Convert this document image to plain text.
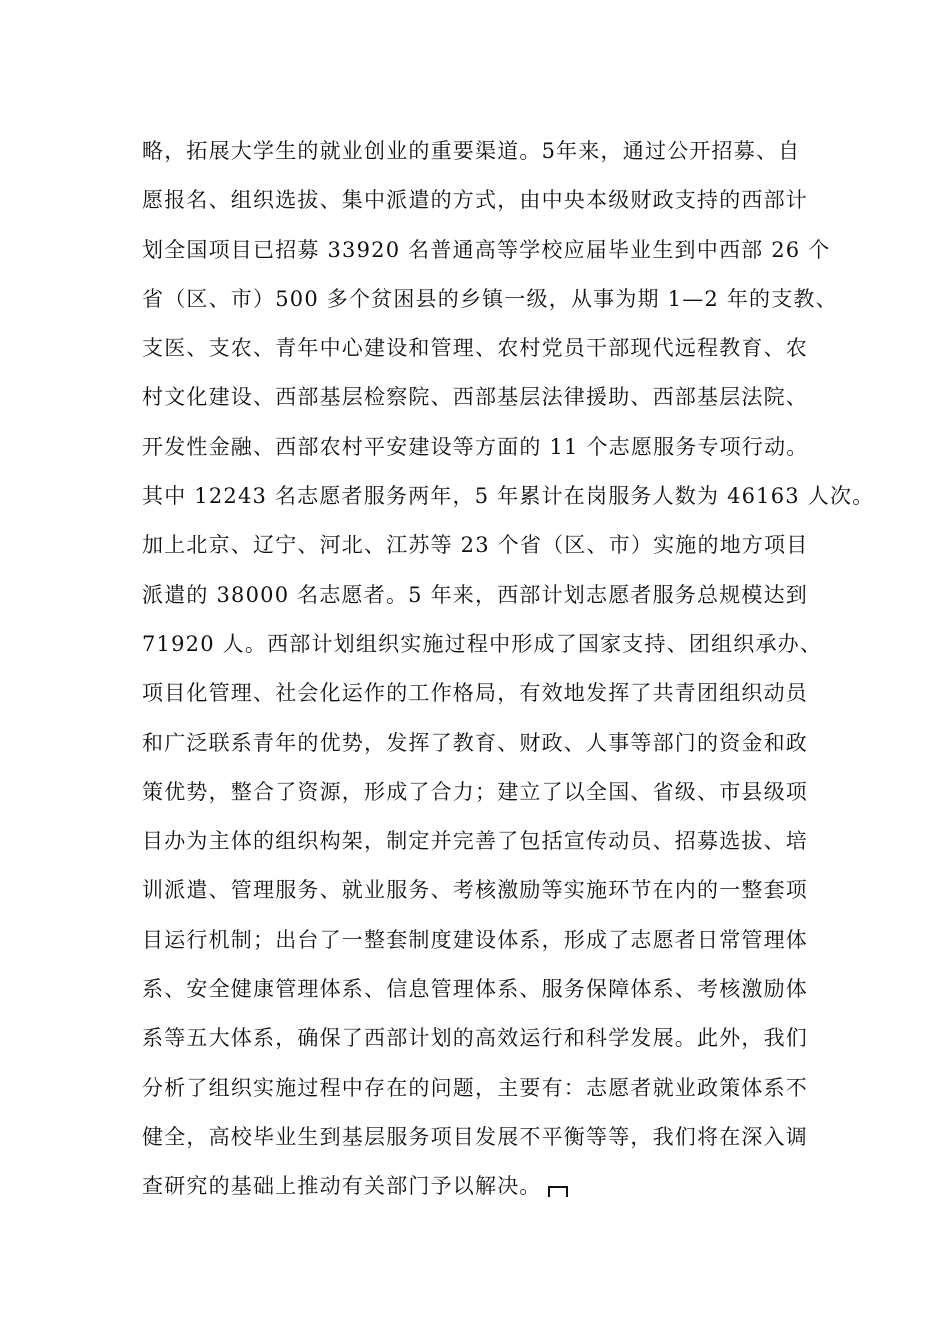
略，拓展大学生的就业创业的重要渠道。5年来，通过公开招募、自
愿报名、组织选拔、集中派遣的方式，由中央本级财政支持的西部计
划全国项目已招募 33920 名普通高等学校应届毕业生到中西部 26 个
省（区、市）500 多个贫困县的乡镇一级，从事为期 1—2 年的支教、
支医、支农、青年中心建设和管理、农村党员干部现代远程教育、农
村文化建设、西部基层检察院、西部基层法律援助、西部基层法院、
开发性金融、西部农村平安建设等方面的 11 个志愿服务专项行动。
其中 12243 名志愿者服务两年，5 年累计在岗服务人数为 46163 人次。
加上北京、辽宁、河北、江苏等 23 个省（区、市）实施的地方项目
派遣的 38000 名志愿者。5 年来，西部计划志愿者服务总规模达到
71920 人。西部计划组织实施过程中形成了国家支持、团组织承办、
项目化管理、社会化运作的工作格局，有效地发挥了共青团组织动员
和广泛联系青年的优势，发挥了教育、财政、人事等部门的资金和政
策优势，整合了资源，形成了合力；建立了以全国、省级、市县级项
目办为主体的组织构架，制定并完善了包括宣传动员、招募选拔、培
训派遣、管理服务、就业服务、考核激励等实施环节在内的一整套项
目运行机制；出台了一整套制度建设体系，形成了志愿者日常管理体
系、安全健康管理体系、信息管理体系、服务保障体系、考核激励体
系等五大体系，确保了西部计划的高效运行和科学发展。此外，我们
分析了组织实施过程中存在的问题，主要有：志愿者就业政策体系不
健全，高校毕业生到基层服务项目发展不平衡等等，我们将在深入调
查研究的基础上推动有关部门予以解决。
